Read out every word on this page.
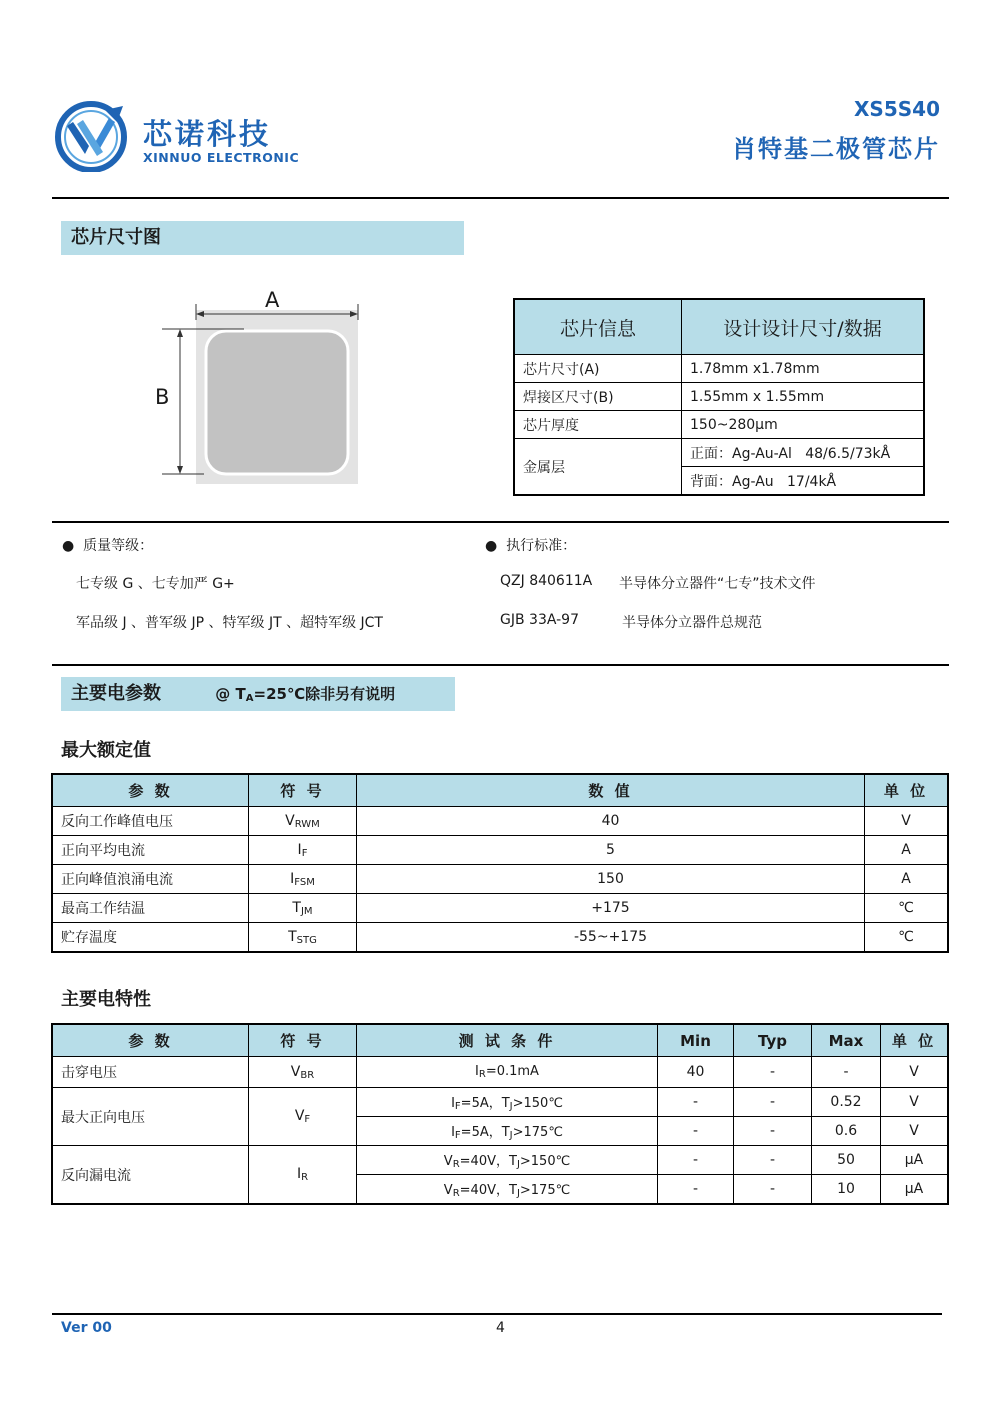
芯诺科技
XINNUO ELECTRONIC
XS5S40
肖特基二极管芯片
芯片尺寸图
A
B
芯片信息	设计设计尺寸/数据
芯片尺寸(A)	1.78mm x1.78mm
焊接区尺寸(B)	1.55mm x 1.55mm
芯片厚度	150~280μm
金属层	正面：Ag-Au-Al   48/6.5/73kÅ
	背面：Ag-Au   17/4kÅ
● 质量等级：
七专级 G 、七专加严 G+
军品级 J 、普军级 JP 、特军级 JT 、超特军级 JCT
● 执行标准：
QZJ 840611A 半导体分立器件“七专”技术文件
GJB 33A-97	半导体分立器件总规范
主要电参数	@ $T_A=25℃$除非另有说明
最大额定值
参 数	符 号	数 值	单 位
反向工作峰值电压	$V_{RWM}$	40	V
正向平均电流	$I_F$	5	A
正向峰值浪涌电流	$I_{FSM}$	150	A
最高工作结温	$T_{JM}$	+175	℃
贮存温度	$T_{STG}$	-55~+175	℃
主要电特性
参 数	符 号	测 试 条 件	Min	Typ	Max	单 位
击穿电压	$V_{BR}$	$I_R=0.1mA$	40	-	-	V
最大正向电压	$V_F$	$I_F=5A$，$T_J>150℃$	-	-	0.52	V
		$I_F=5A$，$T_J>175℃$	-	-	0.6	V
反向漏电流	$I_R$	$V_R=40V$，$T_J>150℃$	-	-	50	μA
		$V_R=40V$，$T_J>175℃$	-	-	10	μA
Ver 00	4
